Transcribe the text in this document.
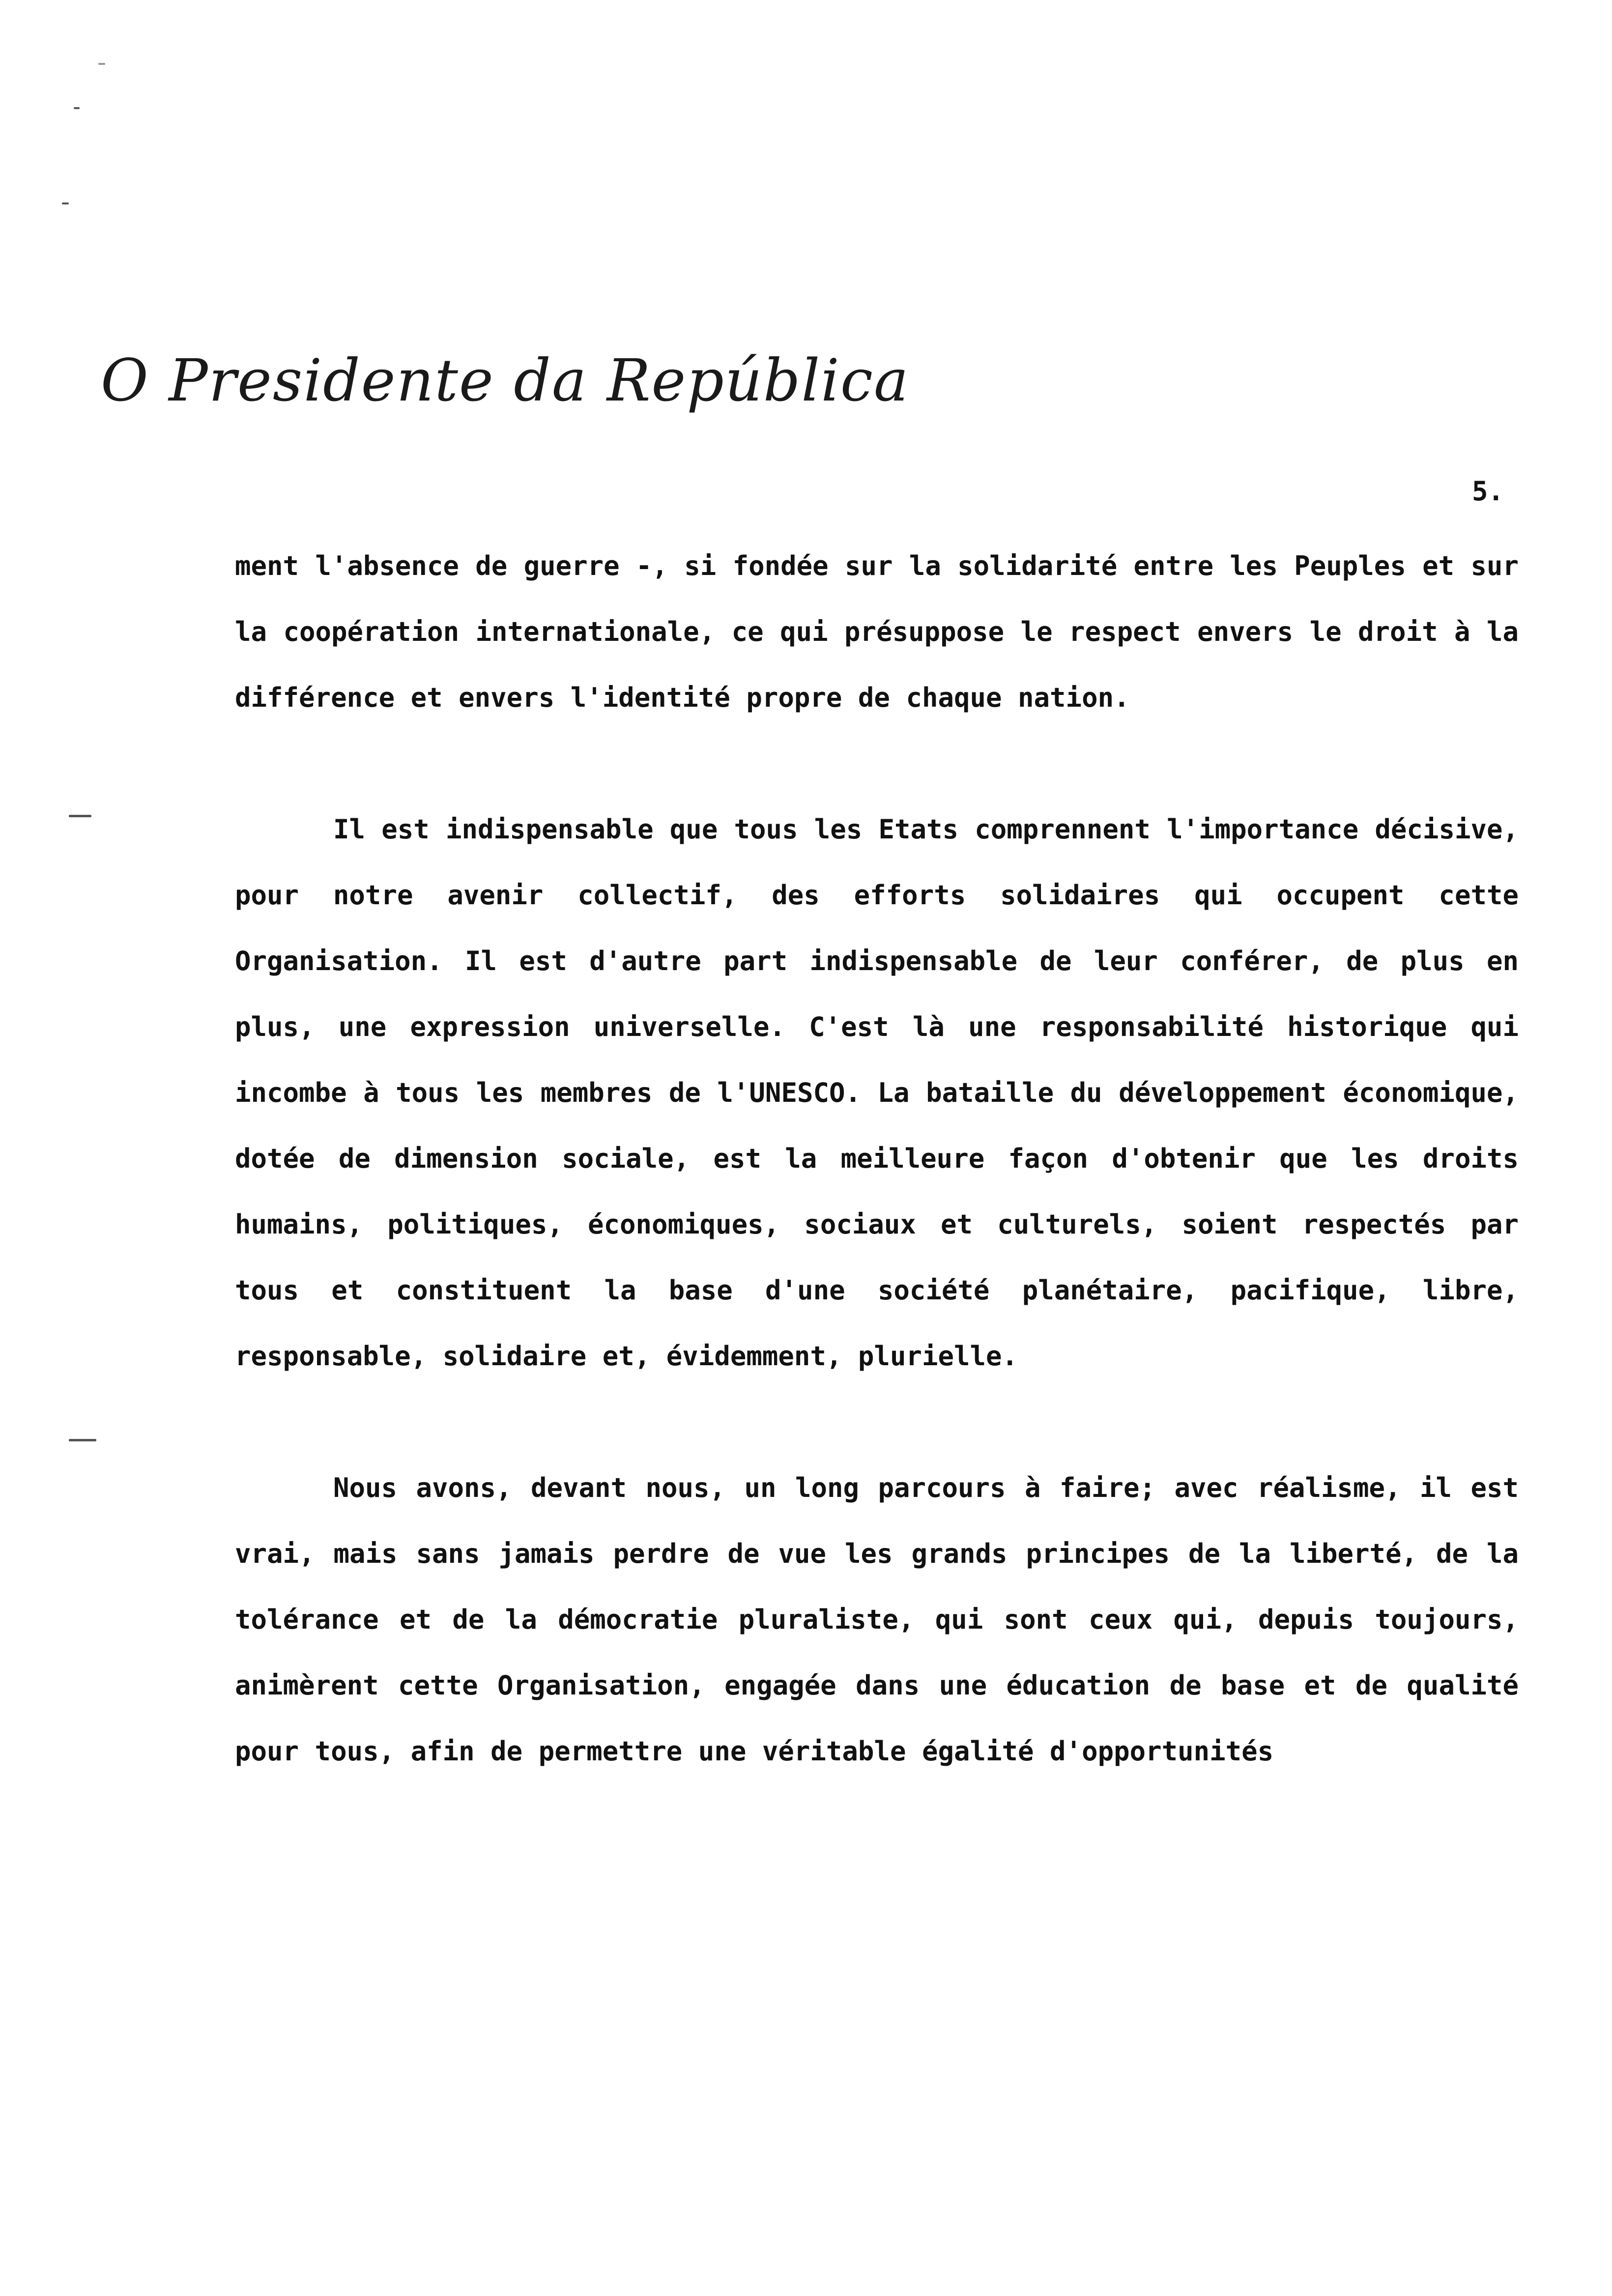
O Presidente da República
5.

ment l'absence de guerre -, si fondée sur la solidarité entre les Peuples et sur la coopération internationale, ce qui présuppose le respect envers le droit à la différence et envers l'identité propre de chaque nation.

Il est indispensable que tous les Etats comprennent l'importance décisive, pour notre avenir collectif, des efforts solidaires qui occupent cette Organisation. Il est d'autre part indispensable de leur conférer, de plus en plus, une expression universelle. C'est là une responsabilité historique qui incombe à tous les membres de l'UNESCO. La bataille du développement économique, dotée de dimension sociale, est la meilleure façon d'obtenir que les droits humains, politiques, économiques, sociaux et culturels, soient respectés par tous et constituent la base d'une société planétaire, pacifique, libre, responsable, solidaire et, évidemment, plurielle.

Nous avons, devant nous, un long parcours à faire; avec réalisme, il est vrai, mais sans jamais perdre de vue les grands principes de la liberté, de la tolérance et de la démocratie pluraliste, qui sont ceux qui, depuis toujours, animèrent cette Organisation, engagée dans une éducation de base et de qualité pour tous, afin de permettre une véritable égalité d'opportunités
